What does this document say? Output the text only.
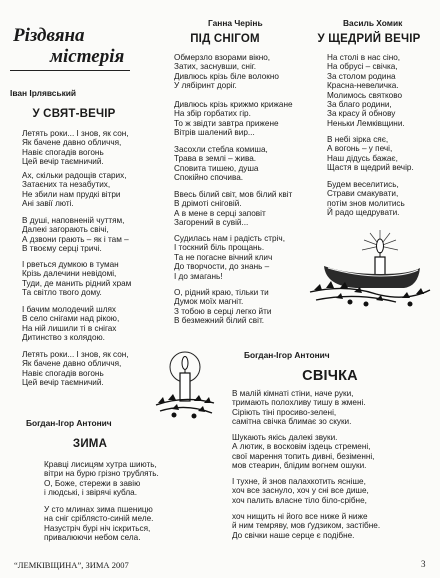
Різдвяна
містерія
Іван Ірлявський
У СВЯТ-ВЕЧІР
Летять роки... І знов, як сон,
Як бачене давно обличчя,
Навіє спогадів вогонь
Цей вечір таємничий.
Ах, скільки радощів старих,
Затаєних та незабутих,
Не збили нам прудкі вітри
Ані завії люті.
В душі, наповненій чуттям,
Далекі загорають свічі,
А дзвони грають – як і там –
В твоєму серці тричі.
І рветься думкою в туман
Крізь далечини невідомі,
Туди, де манить рідний храм
Та світло твого дому.
І бачим молодечий шлях
В село снігами над рікою,
На ній лишили ті в снігах
Дитинство з колядою.
Летять роки... І знов, як сон,
Як бачене давно обличчя,
Навіє спогадів вогонь
Цей вечір таємничий.
Богдан-Ігор Антонич
ЗИМА
Кравці лисицям хутра шиють,
вітри на бурю грізно трублять.
О, Боже, стережи в завію
і людські, і звірячі кубла.
У сто млинах зима пшеницю
на сніг сріблясто-синій меле.
Назустріч бурі ніч іскриться,
привалюючи небом села.
Ганна Черінь
ПІД СНІГОМ
Обмерзло взорами вікно,
Затих, заснувши, сніг.
Дивлюсь крізь біле волокно
У лябіринт доріг.
Дивлюсь крізь крижмо крижане
На збір горбатих гір.
То ж звідти завтра прижене
Вітрів шалений вир...
Засохли стебла комиша,
Трава в землі – жива.
Сповита тишею, душа
Спокійно спочива.
Ввесь білий світ, мов білий квіт
В дрімоті сніговій.
А в мене в серці заповіт
Загорений в сувій...
Судилась нам і радість стріч,
І тоскний біль прощань.
Та не погасне вічний клич
До творчости, до знань –
І до змагань!
О, рідний краю, тільки ти
Думок моїх магніт.
З тобою в серці легко йти
В безмежний білий світ.
Василь Хомик
У ЩЕДРИЙ ВЕЧІР
На столі в нас сіно,
На обрусі – свічка,
За столом родина
Красна-невеличка.
Молимось святково
За благо родини,
За красу й обнову
Неньки Лемківщини.
В небі зірка сяє,
А вогонь – у печі,
Наш дідусь бажає,
Щастя в щедрий вечір.
Будем веселитись,
Страви смакувати,
потім знов молитись
Й радо щедрувати.
Богдан-Ігор Антонич
СВІЧКА
В малій кімнаті стіни, наче руки,
тримають полохливу тишу в жмені.
Сіріють тіні просиво-зелені,
самітна свічка блимає зо скуки.
Шукають якісь далекі звуки.
А лютик, в восковім іздець стремені,
свої марення топить дивні, безіменні,
мов стеарин, блідим вогнем ошуки.
І тухне, й знов палахкотить ясніше,
хоч все заснуло, хоч у сні все дише,
хоч палить власне тіло біло-срібне,
хоч нищить ні його все ниже й ниже
й ним темряву, мов ґудзиком, застібне.
До свічки наше серце є подібне.
“ЛЕМКІВЩИНА”, ЗИМА 2007	3
